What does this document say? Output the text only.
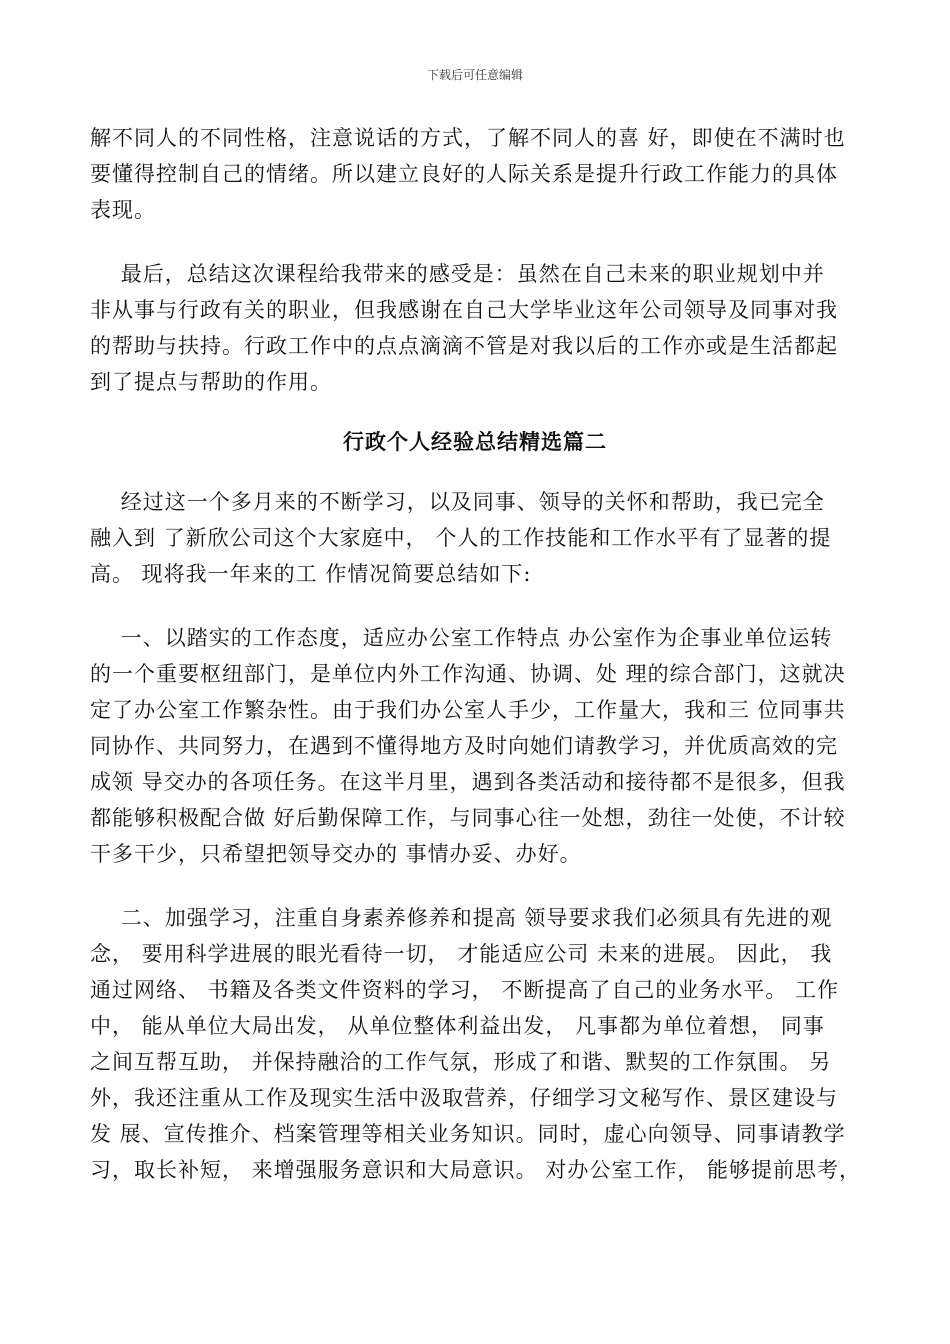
下载后可任意编辑
解不同人的不同性格，注意说话的方式，了解不同人的喜 好，即使在不满时也
要懂得控制自己的情绪。所以建立良好的人际关系是提升行政工作能力的具体
表现。
最后，总结这次课程给我带来的感受是：虽然在自己未来的职业规划中并
非从事与行政有关的职业，但我感谢在自己大学毕业这年公司领导及同事对我
的帮助与扶持。行政工作中的点点滴滴不管是对我以后的工作亦或是生活都起
到了提点与帮助的作用。
行政个人经验总结精选篇二
经过这一个多月来的不断学习，以及同事、领导的关怀和帮助，我已完全
融入到 了新欣公司这个大家庭中， 个人的工作技能和工作水平有了显著的提
高。 现将我一年来的工 作情况简要总结如下:
一、以踏实的工作态度，适应办公室工作特点 办公室作为企事业单位运转
的一个重要枢纽部门，是单位内外工作沟通、协调、处 理的综合部门，这就决
定了办公室工作繁杂性。由于我们办公室人手少，工作量大，我和三 位同事共
同协作、共同努力，在遇到不懂得地方及时向她们请教学习，并优质高效的完
成领 导交办的各项任务。在这半月里，遇到各类活动和接待都不是很多，但我
都能够积极配合做 好后勤保障工作，与同事心往一处想，劲往一处使，不计较
干多干少，只希望把领导交办的 事情办妥、办好。
二、加强学习，注重自身素养修养和提高 领导要求我们必须具有先进的观
念， 要用科学进展的眼光看待一切， 才能适应公司 未来的进展。 因此， 我
通过网络、 书籍及各类文件资料的学习， 不断提高了自己的业务水平。 工作
中， 能从单位大局出发， 从单位整体利益出发， 凡事都为单位着想， 同事
之间互帮互助， 并保持融洽的工作气氛，形成了和谐、默契的工作氛围。 另
外，我还注重从工作及现实生活中汲取营养，仔细学习文秘写作、景区建设与
发 展、宣传推介、档案管理等相关业务知识。同时，虚心向领导、同事请教学
习，取长补短， 来增强服务意识和大局意识。 对办公室工作， 能够提前思考，
